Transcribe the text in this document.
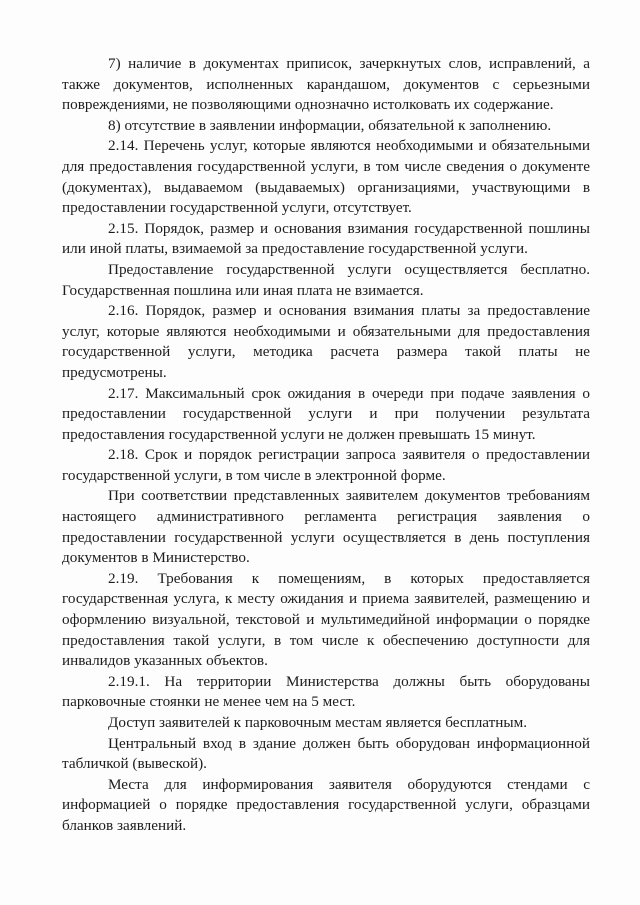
7) наличие в документах приписок, зачеркнутых слов, исправлений, а также документов, исполненных карандашом, документов с серьезными повреждениями, не позволяющими однозначно истолковать их содержание.

8) отсутствие в заявлении информации, обязательной к заполнению.

2.14. Перечень услуг, которые являются необходимыми и обязательными для предоставления государственной услуги, в том числе сведения о документе (документах), выдаваемом (выдаваемых) организациями, участвующими в предоставлении государственной услуги, отсутствует.

2.15. Порядок, размер и основания взимания государственной пошлины или иной платы, взимаемой за предоставление государственной услуги.

Предоставление государственной услуги осуществляется бесплатно. Государственная пошлина или иная плата не взимается.

2.16. Порядок, размер и основания взимания платы за предоставление услуг, которые являются необходимыми и обязательными для предоставления государственной услуги, методика расчета размера такой платы не предусмотрены.

2.17. Максимальный срок ожидания в очереди при подаче заявления о предоставлении государственной услуги и при получении результата предоставления государственной услуги не должен превышать 15 минут.

2.18. Срок и порядок регистрации запроса заявителя о предоставлении государственной услуги, в том числе в электронной форме.

При соответствии представленных заявителем документов требованиям настоящего административного регламента регистрация заявления о предоставлении государственной услуги осуществляется в день поступления документов в Министерство.

2.19. Требования к помещениям, в которых предоставляется государственная услуга, к месту ожидания и приема заявителей, размещению и оформлению визуальной, текстовой и мультимедийной информации о порядке предоставления такой услуги, в том числе к обеспечению доступности для инвалидов указанных объектов.

2.19.1. На территории Министерства должны быть оборудованы парковочные стоянки не менее чем на 5 мест.

Доступ заявителей к парковочным местам является бесплатным.

Центральный вход в здание должен быть оборудован информационной табличкой (вывеской).

Места для информирования заявителя оборудуются стендами с информацией о порядке предоставления государственной услуги, образцами бланков заявлений.
